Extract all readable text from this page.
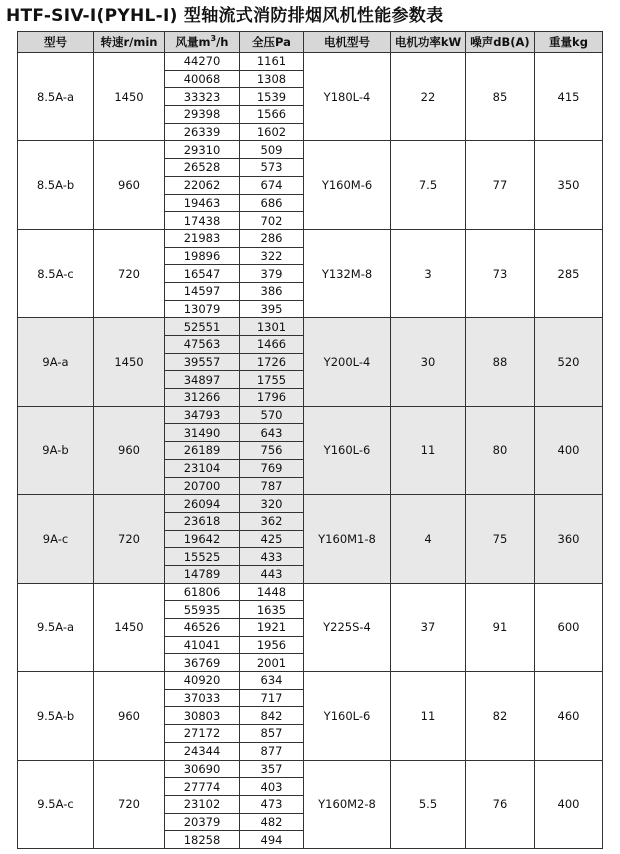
HTF-SIV-I(PYHL-I) 型轴流式消防排烟风机性能参数表
型号	转速r/min	风量$m^3/h$	全压Pa	电机型号	电机功率kW	噪声dB(A)	重量kg
8.5A-a	1450	44270	1161	Y180L-4	22	85	415
		40068	1308				
		33323	1539				
		29398	1566				
		26339	1602				
8.5A-b	960	29310	509	Y160M-6	7.5	77	350
		26528	573				
		22062	674				
		19463	686				
		17438	702				
8.5A-c	720	21983	286	Y132M-8	3	73	285
		19896	322				
		16547	379				
		14597	386				
		13079	395				
9A-a	1450	52551	1301	Y200L-4	30	88	520
		47563	1466				
		39557	1726				
		34897	1755				
		31266	1796				
9A-b	960	34793	570	Y160L-6	11	80	400
		31490	643				
		26189	756				
		23104	769				
		20700	787				
9A-c	720	26094	320	Y160M1-8	4	75	360
		23618	362				
		19642	425				
		15525	433				
		14789	443				
9.5A-a	1450	61806	1448	Y225S-4	37	91	600
		55935	1635				
		46526	1921				
		41041	1956				
		36769	2001				
9.5A-b	960	40920	634	Y160L-6	11	82	460
		37033	717				
		30803	842				
		27172	857				
		24344	877				
9.5A-c	720	30690	357	Y160M2-8	5.5	76	400
		27774	403				
		23102	473				
		20379	482				
		18258	494				
